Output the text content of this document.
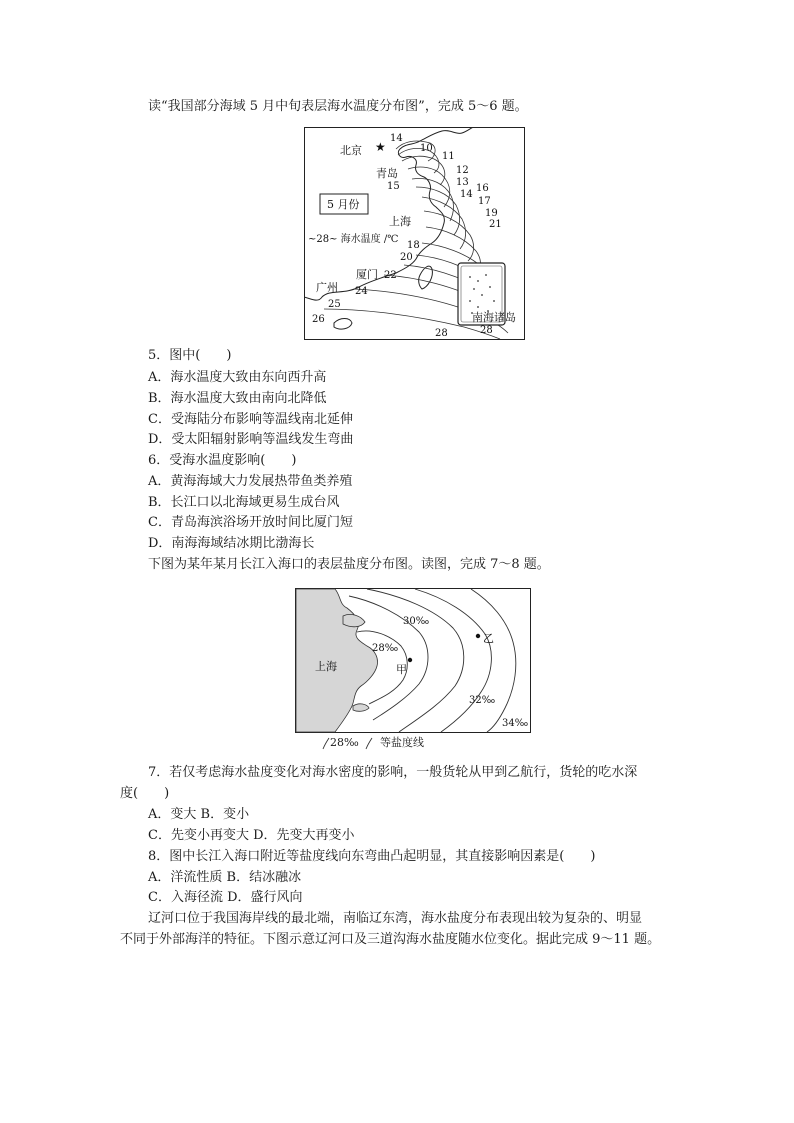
读“我国部分海域 5 月中旬表层海水温度分布图”，完成 5～6 题。
★
北京
青岛
上海
厦门
广州
5 月份
~28~ 海水温度 /℃
14
10
11
12
13
15
14
16
17
19
21
18
20
22
24
25
26
28	28
南海诸岛
5．图中(　　)
A．海水温度大致由东向西升高
B．海水温度大致由南向北降低
C．受海陆分布影响等温线南北延伸
D．受太阳辐射影响等温线发生弯曲
6．受海水温度影响(　　)
A．黄海海域大力发展热带鱼类养殖
B．长江口以北海域更易生成台风
C．青岛海滨浴场开放时间比厦门短
D．南海海域结冰期比渤海长
下图为某年某月长江入海口的表层盐度分布图。读图，完成 7～8 题。
上海
28‰
30‰
32‰
34‰
甲
乙
28‰ 等盐度线
7．若仅考虑海水盐度变化对海水密度的影响，一般货轮从甲到乙航行，货轮的吃水深
度(　　)
A．变大 B．变小
C．先变小再变大 D．先变大再变小
8．图中长江入海口附近等盐度线向东弯曲凸起明显，其直接影响因素是(　　)
A．洋流性质 B．结冰融冰
C．入海径流 D．盛行风向
辽河口位于我国海岸线的最北端，南临辽东湾，海水盐度分布表现出较为复杂的、明显
不同于外部海洋的特征。下图示意辽河口及三道沟海水盐度随水位变化。据此完成 9～11 题。
